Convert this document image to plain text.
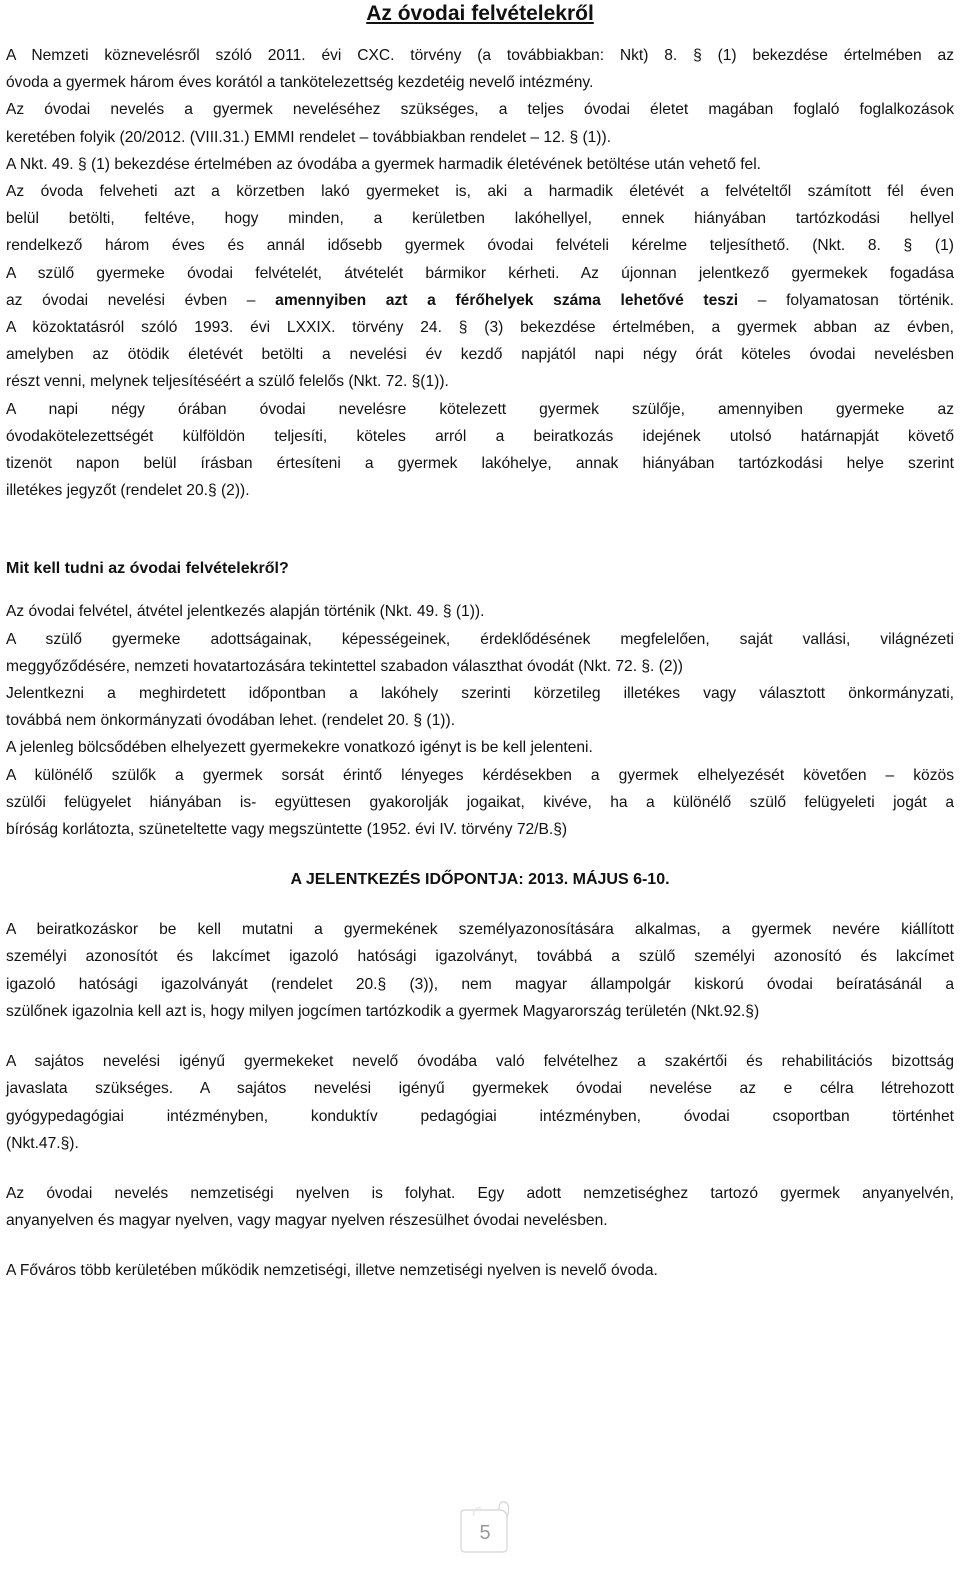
Az óvodai felvételekről
A Nemzeti köznevelésről szóló 2011. évi CXC. törvény (a továbbiakban: Nkt) 8. § (1) bekezdése értelmében az
óvoda a gyermek három éves korától a tankötelezettség kezdetéig nevelő intézmény.
Az óvodai nevelés a gyermek neveléséhez szükséges, a teljes óvodai életet magában foglaló foglalkozások
keretében folyik (20/2012. (VIII.31.) EMMI rendelet – továbbiakban rendelet – 12. § (1)).
A Nkt. 49. § (1) bekezdése értelmében az óvodába a gyermek harmadik életévének betöltése után vehető fel.
Az óvoda felveheti azt a körzetben lakó gyermeket is, aki a harmadik életévét a felvételtől számított fél éven
belül betölti, feltéve, hogy minden, a kerületben lakóhellyel, ennek hiányában tartózkodási hellyel
rendelkező három éves és annál idősebb gyermek óvodai felvételi kérelme teljesíthető. (Nkt. 8. § (1)
A szülő gyermeke óvodai felvételét, átvételét bármikor kérheti. Az újonnan jelentkező gyermekek fogadása
az óvodai nevelési évben – amennyiben azt a férőhelyek száma lehetővé teszi – folyamatosan történik.
A közoktatásról szóló 1993. évi LXXIX. törvény 24. § (3) bekezdése értelmében, a gyermek abban az évben,
amelyben az ötödik életévét betölti a nevelési év kezdő napjától napi négy órát köteles óvodai nevelésben
részt venni, melynek teljesítéséért a szülő felelős (Nkt. 72. §(1)).
A napi négy órában óvodai nevelésre kötelezett gyermek szülője, amennyiben gyermeke az
óvodakötelezettségét külföldön teljesíti, köteles arról a beiratkozás idejének utolsó határnapját követő
tizenöt napon belül írásban értesíteni a gyermek lakóhelye, annak hiányában tartózkodási helye szerint
illetékes jegyzőt (rendelet 20.§ (2)).

Mit kell tudni az óvodai felvételekről?

Az óvodai felvétel, átvétel jelentkezés alapján történik (Nkt. 49. § (1)).
A szülő gyermeke adottságainak, képességeinek, érdeklődésének megfelelően, saját vallási, világnézeti
meggyőződésére, nemzeti hovatartozására tekintettel szabadon választhat óvodát (Nkt. 72. §. (2))
Jelentkezni a meghirdetett időpontban a lakóhely szerinti körzetileg illetékes vagy választott önkormányzati,
továbbá nem önkormányzati óvodában lehet. (rendelet 20. § (1)).
A jelenleg bölcsődében elhelyezett gyermekekre vonatkozó igényt is be kell jelenteni.
A különélő szülők a gyermek sorsát érintő lényeges kérdésekben a gyermek elhelyezését követően – közös
szülői felügyelet hiányában is- együttesen gyakorolják jogaikat, kivéve, ha a különélő szülő felügyeleti jogát a
bíróság korlátozta, szüneteltette vagy megszüntette (1952. évi IV. törvény 72/B.§)

A JELENTKEZÉS IDŐPONTJA: 2013. MÁJUS 6-10.

A beiratkozáskor be kell mutatni a gyermekének személyazonosítására alkalmas, a gyermek nevére kiállított
személyi azonosítót és lakcímet igazoló hatósági igazolványt, továbbá a szülő személyi azonosító és lakcímet
igazoló hatósági igazolványát (rendelet 20.§ (3)), nem magyar állampolgár kiskorú óvodai beíratásánál a
szülőnek igazolnia kell azt is, hogy milyen jogcímen tartózkodik a gyermek Magyarország területén (Nkt.92.§)
A sajátos nevelési igényű gyermekeket nevelő óvodába való felvételhez a szakértői és rehabilitációs bizottság
javaslata szükséges. A sajátos nevelési igényű gyermekek óvodai nevelése az e célra létrehozott
gyógypedagógiai intézményben, konduktív pedagógiai intézményben, óvodai csoportban történhet
(Nkt.47.§).
Az óvodai nevelés nemzetiségi nyelven is folyhat. Egy adott nemzetiséghez tartozó gyermek anyanyelvén,
anyanyelven és magyar nyelven, vagy magyar nyelven részesülhet óvodai nevelésben.
A Főváros több kerületében működik nemzetiségi, illetve nemzetiségi nyelven is nevelő óvoda.
5
